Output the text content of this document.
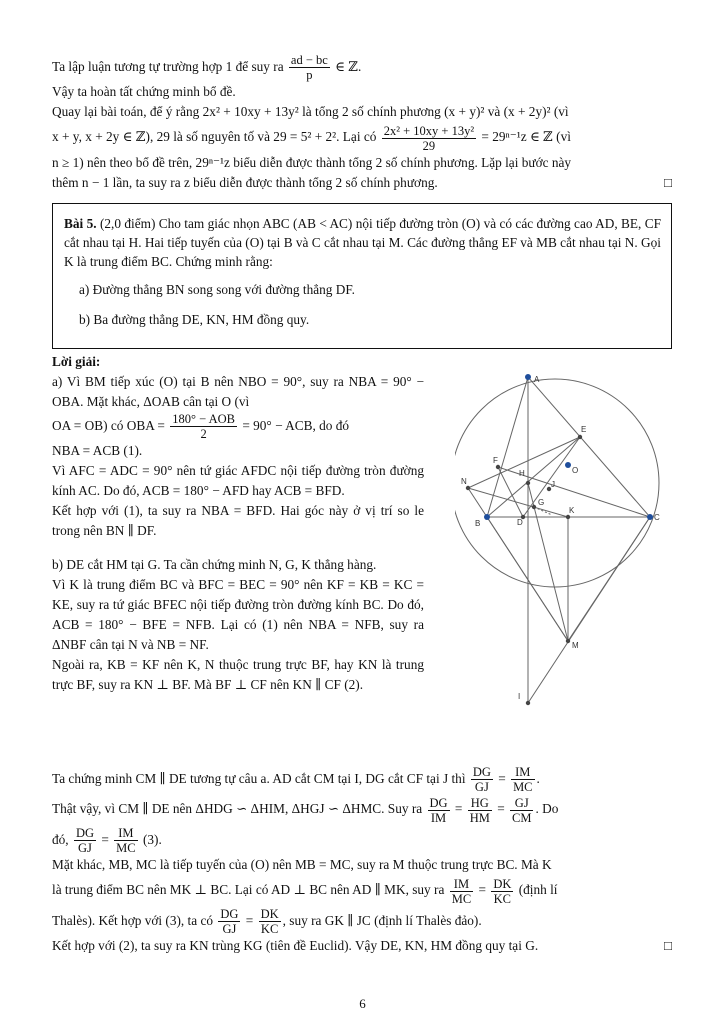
Ta lập luận tương tự trường hợp 1 để suy ra $\frac{ad - bc}{p}$ ∈ ℤ.

Vậy ta hoàn tất chứng minh bổ đề.

Quay lại bài toán, để ý rằng 2x² + 10xy + 13y² là tổng 2 số chính phương (x + y)² và (x + 2y)² (vì

x + y, x + 2y ∈ ℤ), 29 là số nguyên tố và 29 = 5² + 2². Lại có $\frac{\text{2x² + 10xy + 13y²}}{29} = 29^{n-1}z$ ∈ ℤ (vì

n ≥ 1) nên theo bổ đề trên, 29ⁿ⁻¹z biểu diễn được thành tổng 2 số chính phương. Lặp lại bước này

thêm n − 1 lần, ta suy ra z biểu diễn được thành tổng 2 số chính phương.	□

Bài 5. (2,0 điểm) Cho tam giác nhọn ABC (AB < AC) nội tiếp đường tròn (O) và có các đường cao AD, BE, CF cắt nhau tại H. Hai tiếp tuyến của (O) tại B và C cắt nhau tại M. Các đường thẳng EF và MB cắt nhau tại N. Gọi K là trung điểm BC. Chứng minh rằng:

a) Đường thẳng BN song song với đường thẳng DF.
b) Ba đường thẳng DE, KN, HM đồng quy.

Lời giải:

a) Vì BM tiếp xúc (O) tại B nên NBO = 90°, suy ra NBA = 90° − OBA. Mặt khác, ΔOAB cân tại O (vì

OA = OB) có OBA = $\frac{\text{180° − AOB}}{2} = 90^\circ$ − ACB, do đó

NBA = ACB (1).

Vì AFC = ADC = 90° nên tứ giác AFDC nội tiếp đường tròn đường kính AC. Do đó, ACB = 180° − AFD hay ACB = BFD.

Kết hợp với (1), ta suy ra NBA = BFD. Hai góc này ở vị trí so le trong nên BN ∥ DF.

b) DE cắt HM tại G. Ta cần chứng minh N, G, K thẳng hàng.

Vì K là trung điểm BC và BFC = BEC = 90° nên KF = KB = KC = KE, suy ra tứ giác BFEC nội tiếp đường tròn đường kính BC. Do đó, ACB = 180° − BFE = NFB. Lại có (1) nên NBA = NFB, suy ra ΔNBF cân tại N và NB = NF.

Ngoài ra, KB = KF nên K, N thuộc trung trực BF, hay KN là trung trực BF, suy ra KN ⊥ BF. Mà BF ⊥ CF nên KN ∥ CF (2).

A
E
O
F
H
N	J
G
K
B	D
C
M
I

Ta chứng minh CM ∥ DE tương tự câu a. AD cắt CM tại I, DG cắt CF tại J thì $\frac{DG}{GJ} = \frac{IM}{MC}$ .

Thật vậy, vì CM ∥ DE nên ΔHDG ∽ ΔHIM, ΔHGJ ∽ ΔHMC. Suy ra $\frac{DG}{IM} = \frac{HG}{HM} = \frac{GJ}{CM}$ . Do

đó, $\frac{DG}{GJ} = \frac{IM}{MC} (3)$.

Mặt khác, MB, MC là tiếp tuyến của (O) nên MB = MC, suy ra M thuộc trung trực BC. Mà K

là trung điểm BC nên MK ⊥ BC. Lại có AD ⊥ BC nên AD ∥ MK, suy ra $\frac{IM}{MC} = \frac{DK}{KC}$ (định lí

Thalès). Kết hợp với (3), ta có $\frac{DG}{GJ} = \frac{DK}{KC}$ , suy ra GK ∥ JC (định lí Thalès đảo).

Kết hợp với (2), ta suy ra KN trùng KG (tiên đề Euclid). Vậy DE, KN, HM đồng quy tại G.	□

6
